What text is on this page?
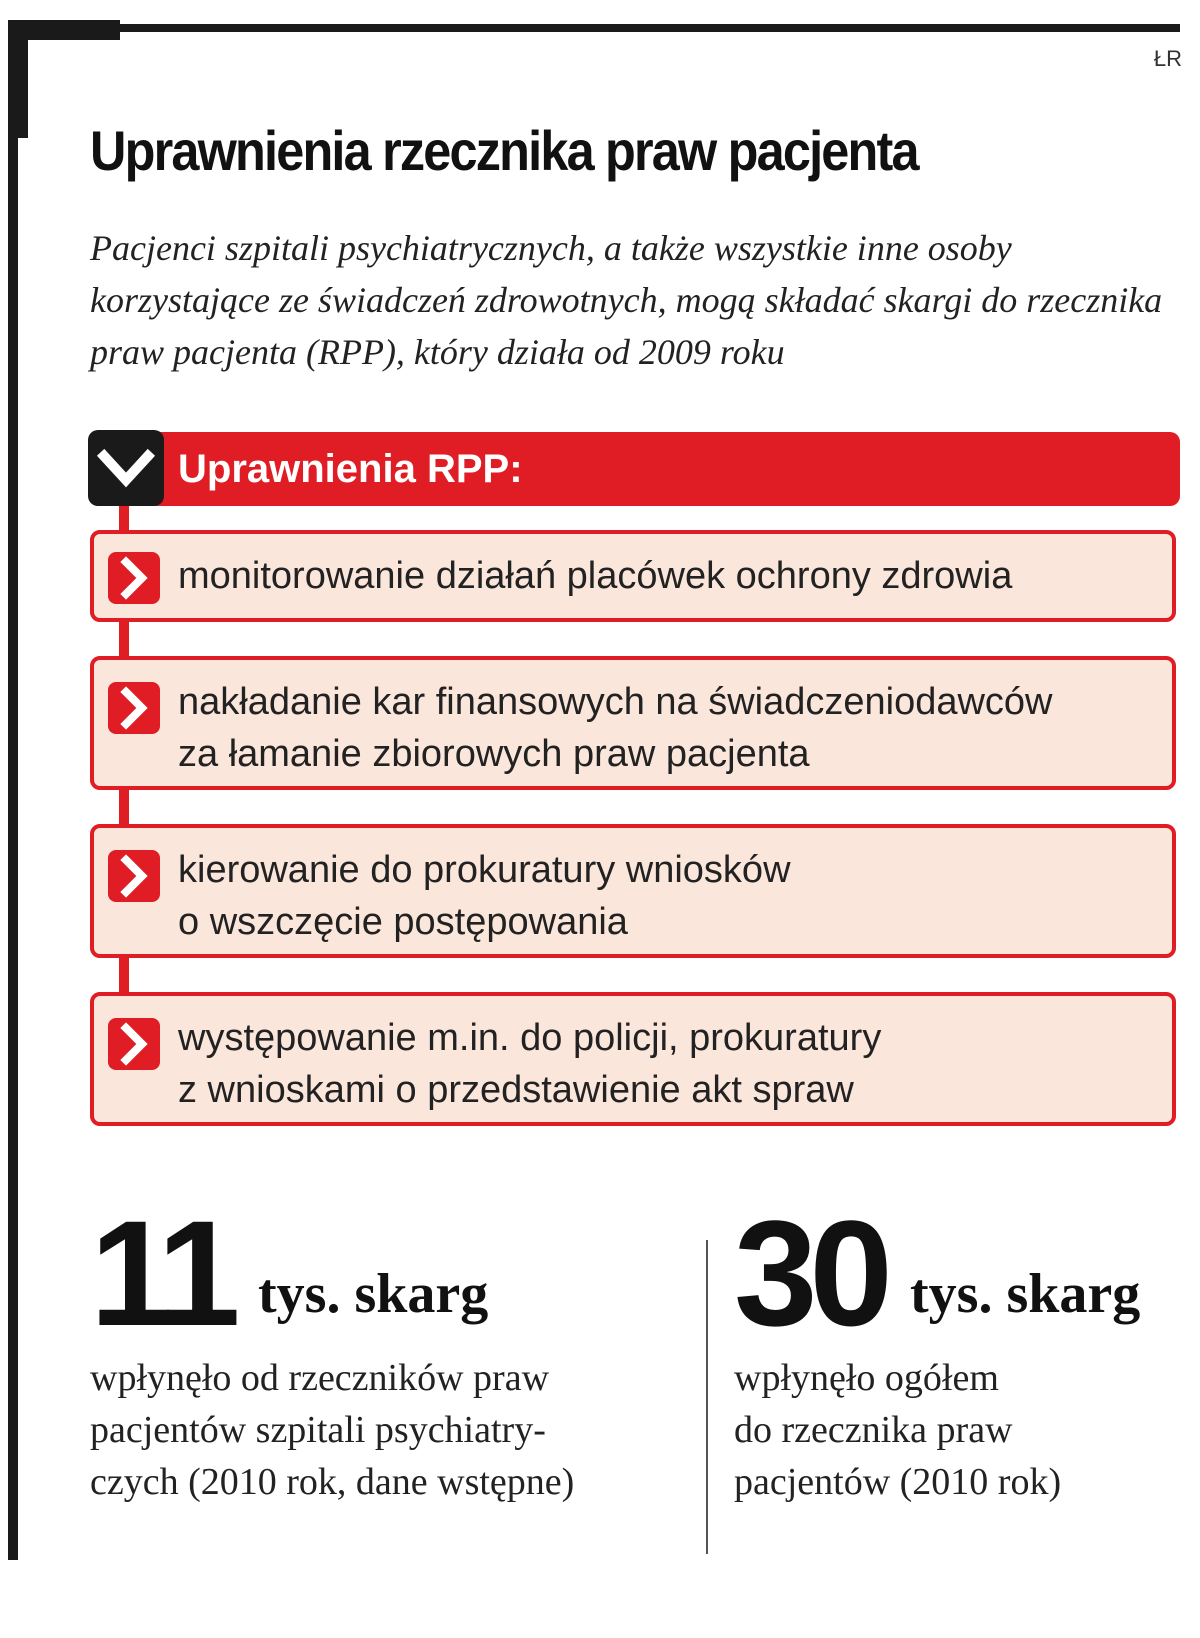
ŁR
Uprawnienia rzecznika praw pacjenta

Pacjenci szpitali psychiatrycznych, a także wszystkie inne osoby korzystające ze świadczeń zdrowotnych, mogą składać skargi do rzecznika praw pacjenta (RPP), który działa od 2009 roku

Uprawnienia RPP:
monitorowanie działań placówek ochrony zdrowia
nakładanie kar finansowych na świadczeniodawców
za łamanie zbiorowych praw pacjenta
kierowanie do prokuratury wniosków
o wszczęcie postępowania
występowanie m.in. do policji, prokuratury
z wnioskami o przedstawienie akt spraw
11 tys. skarg
wpłynęło od rzeczników praw
pacjentów szpitali psychiatry-
czych (2010 rok, dane wstępne)
30 tys. skarg
wpłynęło ogółem
do rzecznika praw
pacjentów (2010 rok)
